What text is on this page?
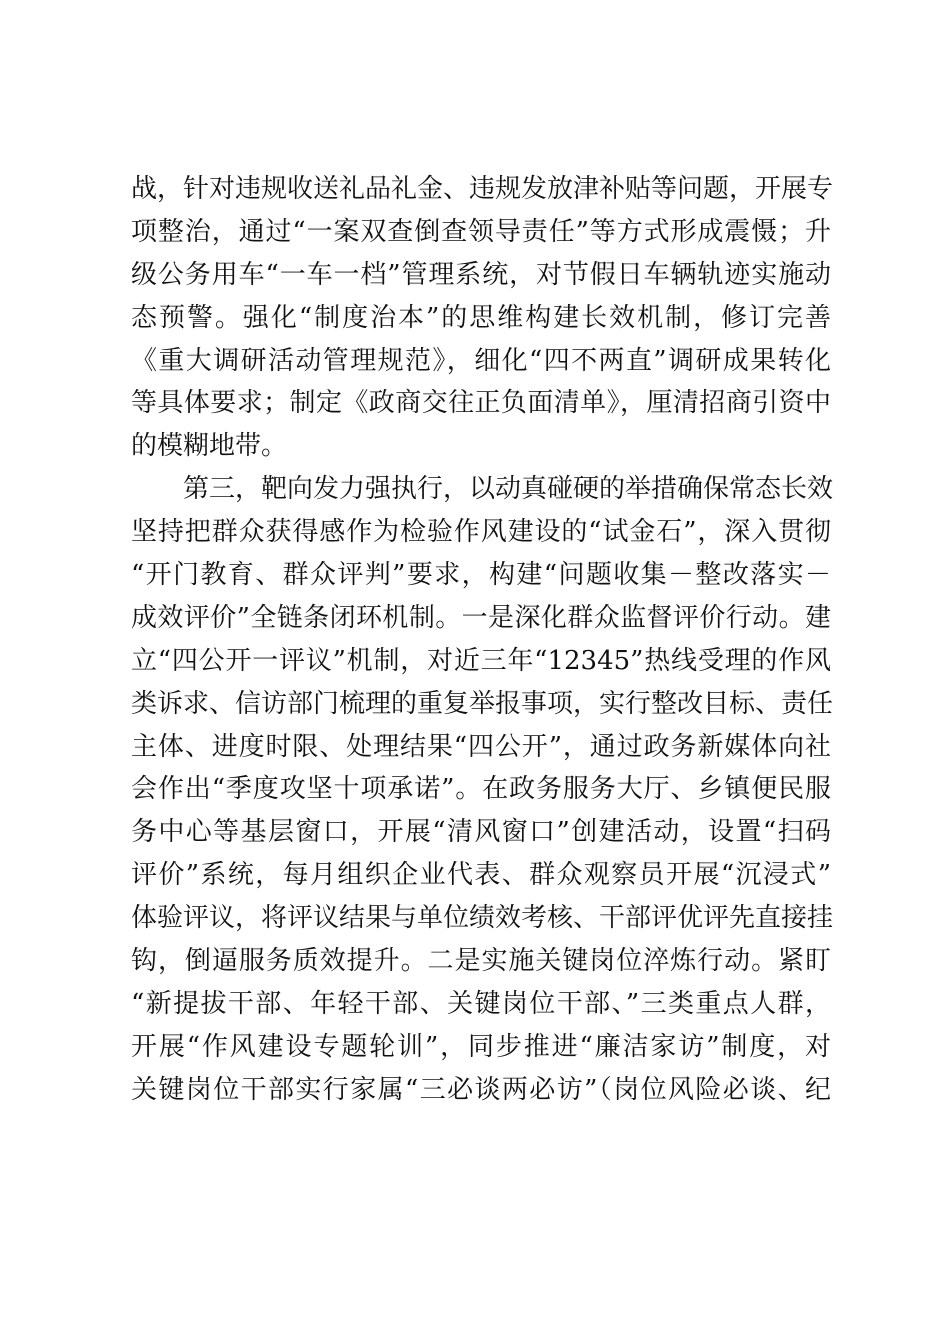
战，针对违规收送礼品礼金、违规发放津补贴等问题，开展专
项整治，通过“一案双查倒查领导责任”等方式形成震慑；升
级公务用车“一车一档”管理系统，对节假日车辆轨迹实施动
态预警。强化“制度治本”的思维构建长效机制，修订完善
《重大调研活动管理规范》，细化“四不两直”调研成果转化
等具体要求；制定《政商交往正负面清单》，厘清招商引资中
的模糊地带。
第三，靶向发力强执行，以动真碰硬的举措确保常态长效
坚持把群众获得感作为检验作风建设的“试金石”，深入贯彻
“开门教育、群众评判”要求，构建“问题收集－整改落实－
成效评价”全链条闭环机制。一是深化群众监督评价行动。建
立“四公开一评议”机制，对近三年“12345”热线受理的作风
类诉求、信访部门梳理的重复举报事项，实行整改目标、责任
主体、进度时限、处理结果“四公开”，通过政务新媒体向社
会作出“季度攻坚十项承诺”。在政务服务大厅、乡镇便民服
务中心等基层窗口，开展“清风窗口”创建活动，设置“扫码
评价”系统，每月组织企业代表、群众观察员开展“沉浸式”
体验评议，将评议结果与单位绩效考核、干部评优评先直接挂
钩，倒逼服务质效提升。二是实施关键岗位淬炼行动。紧盯
“新提拔干部、年轻干部、关键岗位干部、”三类重点人群，
开展“作风建设专题轮训”，同步推进“廉洁家访”制度，对
关键岗位干部实行家属“三必谈两必访”（岗位风险必谈、纪
